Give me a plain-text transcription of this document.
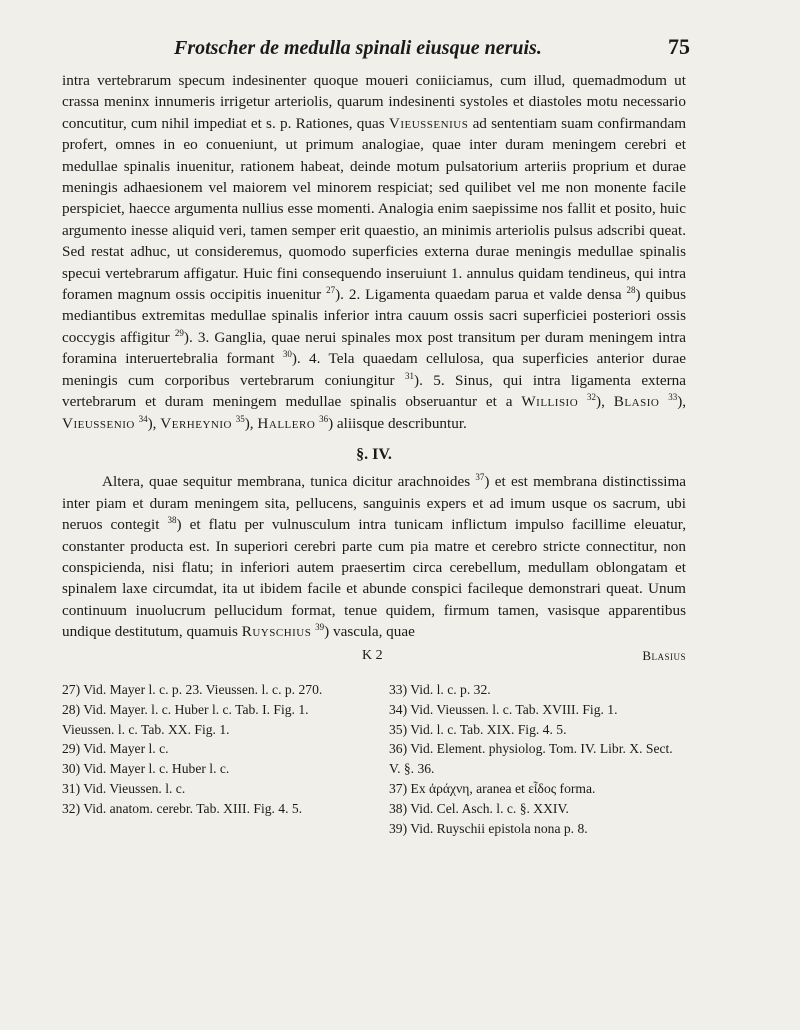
Frotscher de medulla spinali eiusque neruis.	75

intra vertebrarum specum indesinenter quoque moueri coniiciamus, cum illud, quemadmodum ut crassa meninx innumeris irrigetur arteriolis, quarum indesinenti systoles et diastoles motu necessario concutitur, cum nihil impediat et s. p. Rationes, quas Vieussenius ad sententiam suam confirmandam profert, omnes in eo conueniunt, ut primum analogiae, quae inter duram meningem cerebri et medullae spinalis inuenitur, rationem habeat, deinde motum pulsatorium arteriis proprium et durae meningis adhaesionem vel maiorem vel minorem respiciat; sed quilibet vel me non monente facile perspiciet, haecce argumenta nullius esse momenti. Analogia enim saepissime nos fallit et posito, huic argumento inesse aliquid veri, tamen semper erit quaestio, an minimis arteriolis pulsus adscribi queat. Sed restat adhuc, ut consideremus, quomodo superficies externa durae meningis medullae spinalis specui vertebrarum affigatur. Huic fini consequendo inseruiunt 1. annulus quidam tendineus, qui intra foramen magnum ossis occipitis inuenitur $^{27}$). 2. Ligamenta quaedam parua et valde densa $^{28}$) quibus mediantibus extremitas medullae spinalis inferior intra cauum ossis sacri superficiei posteriori ossis coccygis affigitur $^{29}$). 3. Ganglia, quae nerui spinales mox post transitum per duram meningem intra foramina interuertebralia formant $^{30}$). 4. Tela quaedam cellulosa, qua superficies anterior durae meningis cum corporibus vertebrarum coniungitur $^{31}$). 5. Sinus, qui intra ligamenta externa vertebrarum et duram meningem medullae spinalis obseruantur et a Willisio $^{32}$), Blasio $^{33}$), Vieussenio $^{34}$), Verheynio $^{35}$), Hallero $^{36}$) aliisque describuntur.

§. IV.

Altera, quae sequitur membrana, tunica dicitur arachnoides $^{37}$) et est membrana distinctissima inter piam et duram meningem sita, pellucens, sanguinis expers et ad imum usque os sacrum, ubi neruos contegit $^{38}$) et flatu per vulnusculum intra tunicam inflictum impulso facillime eleuatur, constanter producta est. In superiori cerebri parte cum pia matre et cerebro stricte connectitur, non conspicienda, nisi flatu; in inferiori autem praesertim circa cerebellum, medullam oblongatam et spinalem laxe circumdat, ita ut ibidem facile et abunde conspici facileque demonstrari queat. Unum continuum inuolucrum pellucidum format, tenue quidem, firmum tamen, vasisque apparentibus undique destitutum, quamuis Ruyschius $^{39}$) vascula, quae

K 2	Blasius

27) Vid. Mayer l. c. p. 23. Vieussen. l. c. p. 270.

28) Vid. Mayer. l. c. Huber l. c. Tab. I. Fig. 1. Vieussen. l. c. Tab. XX. Fig. 1.

29) Vid. Mayer l. c.

30) Vid. Mayer l. c. Huber l. c.

31) Vid. Vieussen. l. c.

32) Vid. anatom. cerebr. Tab. XIII. Fig. 4. 5.

33) Vid. l. c. p. 32.

34) Vid. Vieussen. l. c. Tab. XVIII. Fig. 1.

35) Vid. l. c. Tab. XIX. Fig. 4. 5.

36) Vid. Element. physiolog. Tom. IV. Libr. X. Sect. V. §. 36.

37) Ex ἀράχνη, aranea et εἶδος forma.

38) Vid. Cel. Asch. l. c. §. XXIV.

39) Vid. Ruyschii epistola nona p. 8.
